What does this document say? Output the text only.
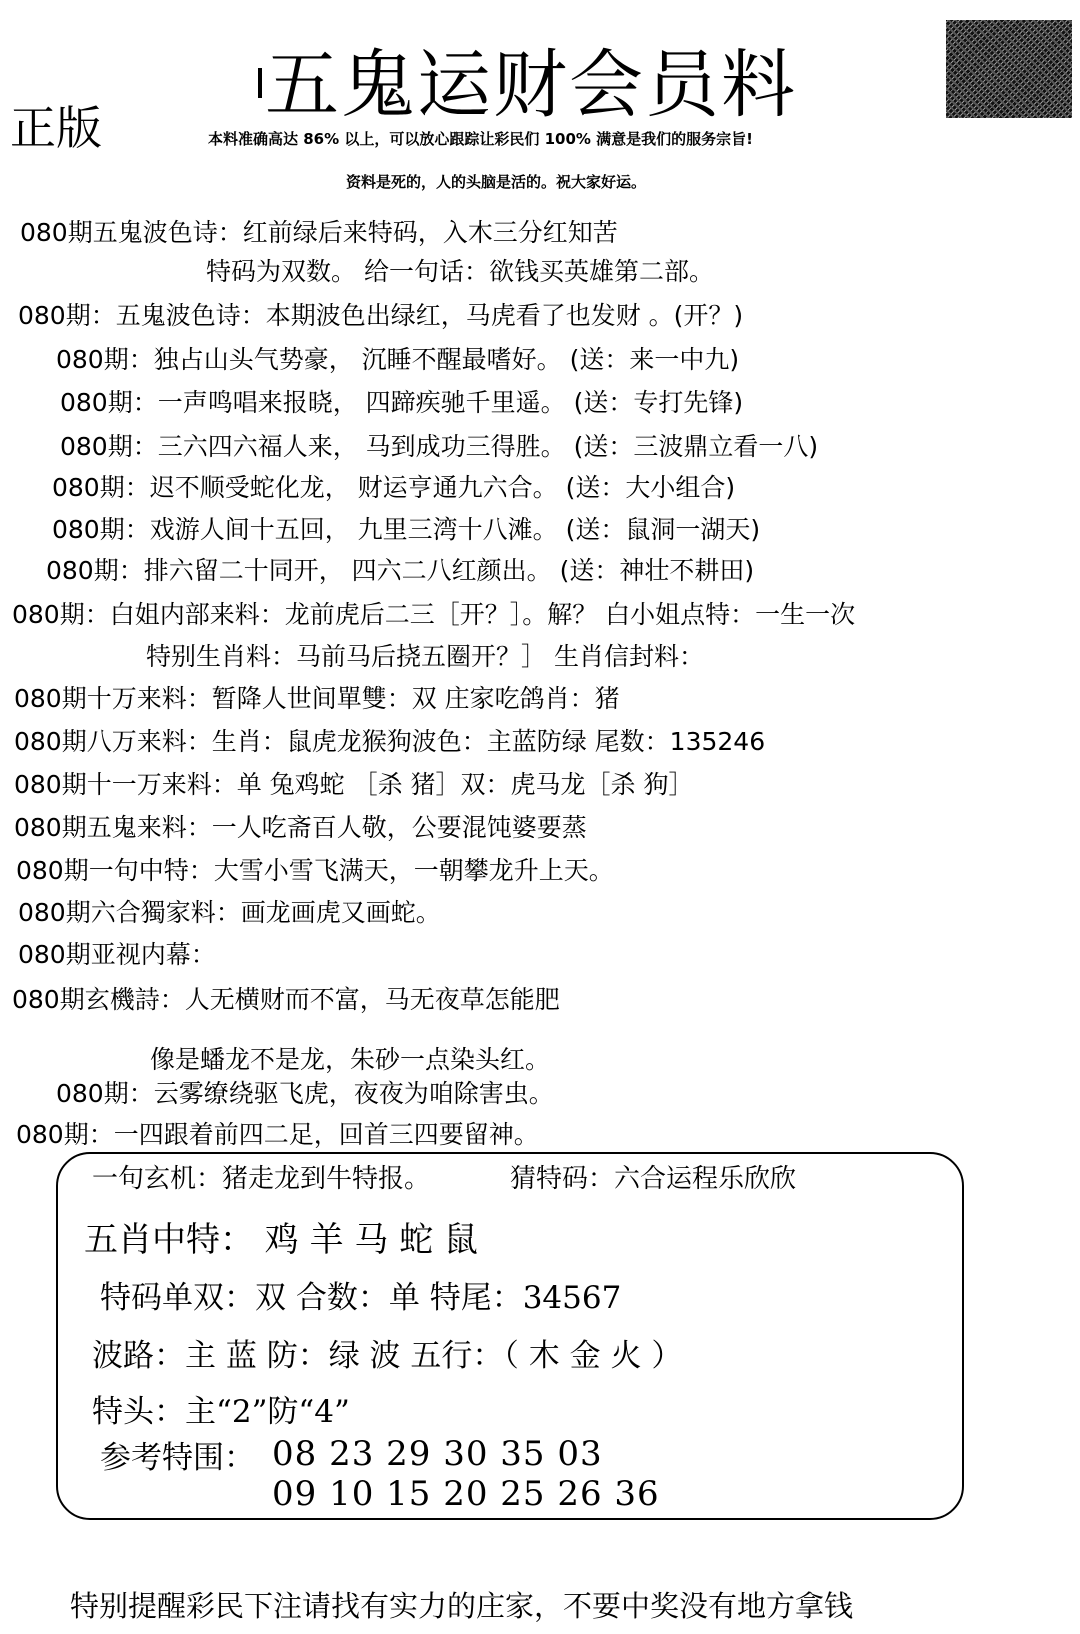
五鬼运财会员料
正版	本料准确高达 86% 以上，可以放心跟踪让彩民们 100% 满意是我们的服务宗旨!
资料是死的，人的头脑是活的。祝大家好运。
080期五鬼波色诗：红前绿后来特码，入木三分红知苦
特码为双数。 给一句话：欲钱买英雄第二部。
080期：五鬼波色诗：本期波色出绿红，马虎看了也发财 。(开？)
080期：独占山头气势豪， 沉睡不醒最嗜好。 (送：来一中九)
080期：一声鸣唱来报晓， 四蹄疾驰千里遥。 (送：专打先锋)
080期：三六四六福人来， 马到成功三得胜。 (送：三波鼎立看一八)
080期：迟不顺受蛇化龙， 财运亨通九六合。 (送：大小组合)
080期：戏游人间十五回， 九里三湾十八滩。 (送：鼠洞一湖天)
080期：排六留二十同开， 四六二八红颜出。 (送：神壮不耕田)
080期：白姐内部来料：龙前虎后二三［开？］。解？ 白小姐点特：一生一次
特别生肖料：马前马后挠五圈开？］ 生肖信封料：
080期十万来料：暂降人世间單雙：双 庄家吃鸽肖：猪
080期八万来料：生肖：鼠虎龙猴狗波色：主蓝防绿 尾数：135246
080期十一万来料：单 兔鸡蛇 ［杀 猪］双：虎马龙［杀 狗］
080期五鬼来料：一人吃斋百人敬，公要混饨婆要蒸
080期一句中特：大雪小雪飞满天，一朝攀龙升上天。
080期六合獨家料：画龙画虎又画蛇。
080期亚视内幕：
080期玄機詩：人无横财而不富，马无夜草怎能肥
像是蟠龙不是龙，朱砂一点染头红。
080期：云雾缭绕驱飞虎，夜夜为咱除害虫。
080期：一四跟着前四二足，回首三四要留神。
一句玄机：猪走龙到牛特报。	猜特码：六合运程乐欣欣
五肖中特： 鸡 羊 马 蛇 鼠
特码单双：双 合数：单 特尾：34567
波路：主 蓝 防：绿 波 五行：（ 木 金 火 ）
特头：主“2”防“4”
参考特围： 08 23 29 30 35 03
09 10 15 20 25 26 36
特别提醒彩民下注请找有实力的庄家，不要中奖没有地方拿钱
